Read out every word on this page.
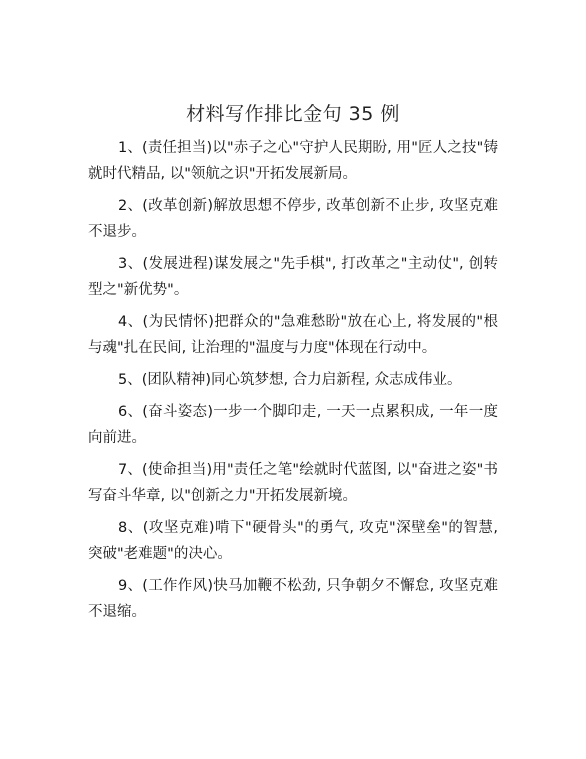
材料写作排比金句 35 例

1、(责任担当)以"赤子之心"守护人民期盼, 用"匠人之技"铸就时代精品, 以"领航之识"开拓发展新局。

2、(改革创新)解放思想不停步, 改革创新不止步, 攻坚克难不退步。

3、(发展进程)谋发展之"先手棋", 打改革之"主动仗", 创转型之"新优势"。

4、(为民情怀)把群众的"急难愁盼"放在心上, 将发展的"根与魂"扎在民间, 让治理的"温度与力度"体现在行动中。

5、(团队精神)同心筑梦想, 合力启新程, 众志成伟业。

6、(奋斗姿态)一步一个脚印走, 一天一点累积成, 一年一度向前进。

7、(使命担当)用"责任之笔"绘就时代蓝图, 以"奋进之姿"书写奋斗华章, 以"创新之力"开拓发展新境。

8、(攻坚克难)啃下"硬骨头"的勇气, 攻克"深壁垒"的智慧, 突破"老难题"的决心。

9、(工作作风)快马加鞭不松劲, 只争朝夕不懈怠, 攻坚克难不退缩。
